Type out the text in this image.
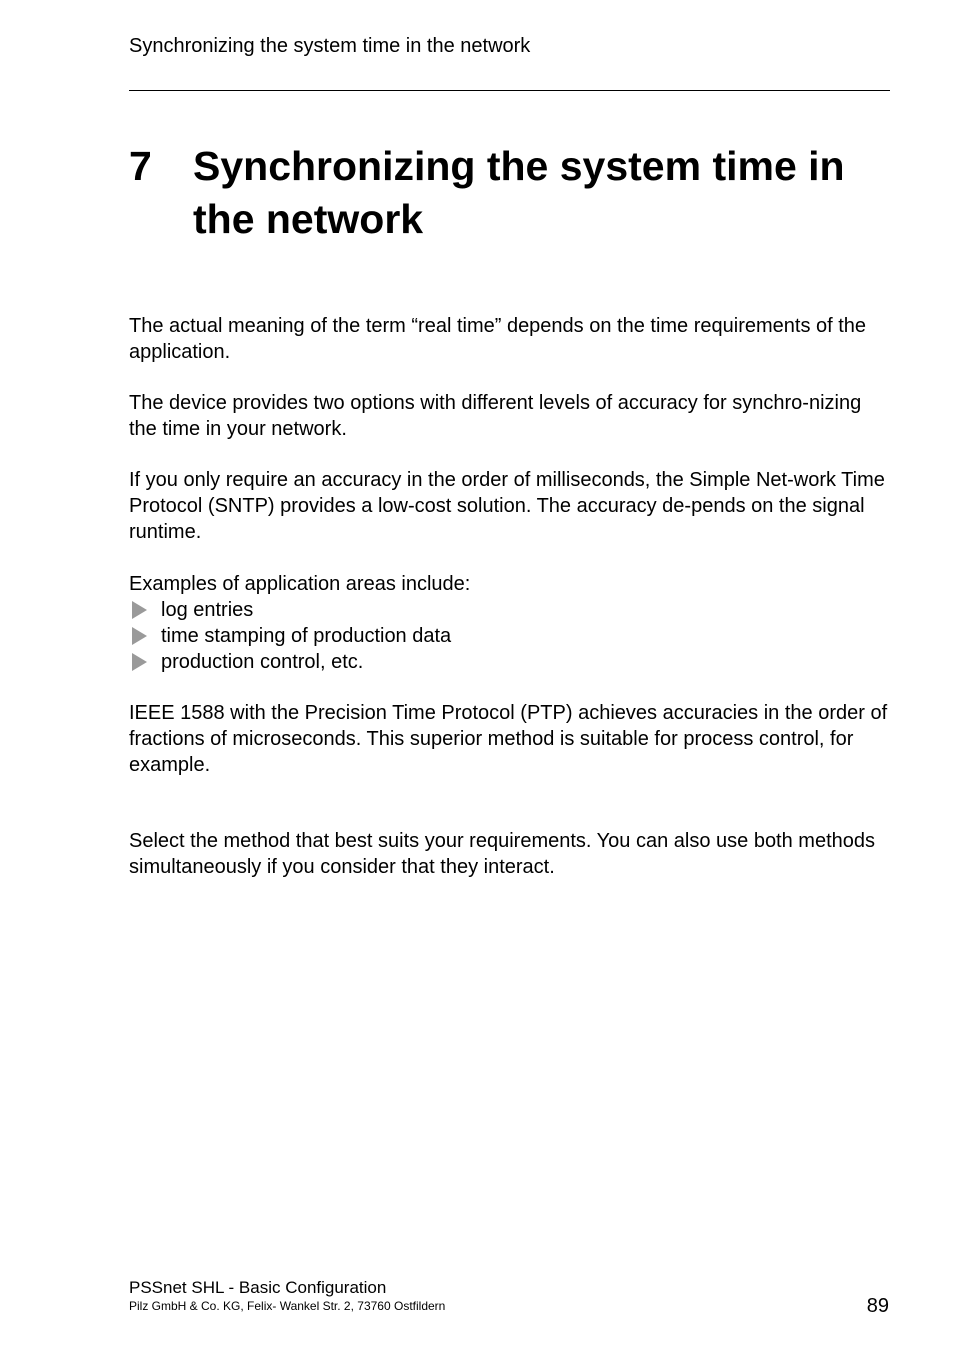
Synchronizing the system time in the network

7 Synchronizing the system time in the network

The actual meaning of the term “real time” depends on the time requirements of the application.

The device provides two options with different levels of accuracy for synchro-nizing the time in your network.

If you only require an accuracy in the order of milliseconds, the Simple Net-work Time Protocol (SNTP) provides a low-cost solution. The accuracy de-pends on the signal runtime.

Examples of application areas include:

log entries
time stamping of production data
production control, etc.

IEEE 1588 with the Precision Time Protocol (PTP) achieves accuracies in the order of fractions of microseconds. This superior method is suitable for process control, for example.

Select the method that best suits your requirements. You can also use both methods simultaneously if you consider that they interact.

PSSnet SHL - Basic Configuration

Pilz GmbH & Co. KG, Felix- Wankel Str. 2, 73760 Ostfildern	89
